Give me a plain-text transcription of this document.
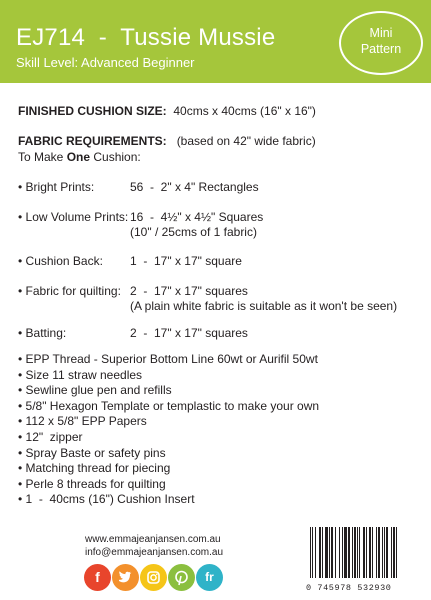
EJ714  -  Tussie Mussie
Skill Level: Advanced Beginner
Mini
Pattern
FINISHED CUSHION SIZE: 40cms x 40cms (16" x 16")
FABRIC REQUIREMENTS: (based on 42" wide fabric)
To Make One Cushion:
• Bright Prints:	56  -  2" x 4" Rectangles
• Low Volume Prints: 16  -  4½" x 4½" Squares
(10" / 25cms of 1 fabric)
• Cushion Back: 1  -  17" x 17" square
• Fabric for quilting: 2  -  17" x 17" squares
(A plain white fabric is suitable as it won't be seen)
• Batting:	2  -  17" x 17" squares
• EPP Thread - Superior Bottom Line 60wt or Aurifil 50wt
• Size 11 straw needles
• Sewline glue pen and refills
• 5/8" Hexagon Template or templastic to make your own
• 112 x 5/8" EPP Papers
• 12"  zipper
• Spray Baste or safety pins
• Matching thread for piecing
• Perle 8 threads for quilting
• 1  -  40cms (16") Cushion Insert
www.emmajeanjansen.com.au
info@emmajeanjansen.com.au
f	fr
0 745978 532930
